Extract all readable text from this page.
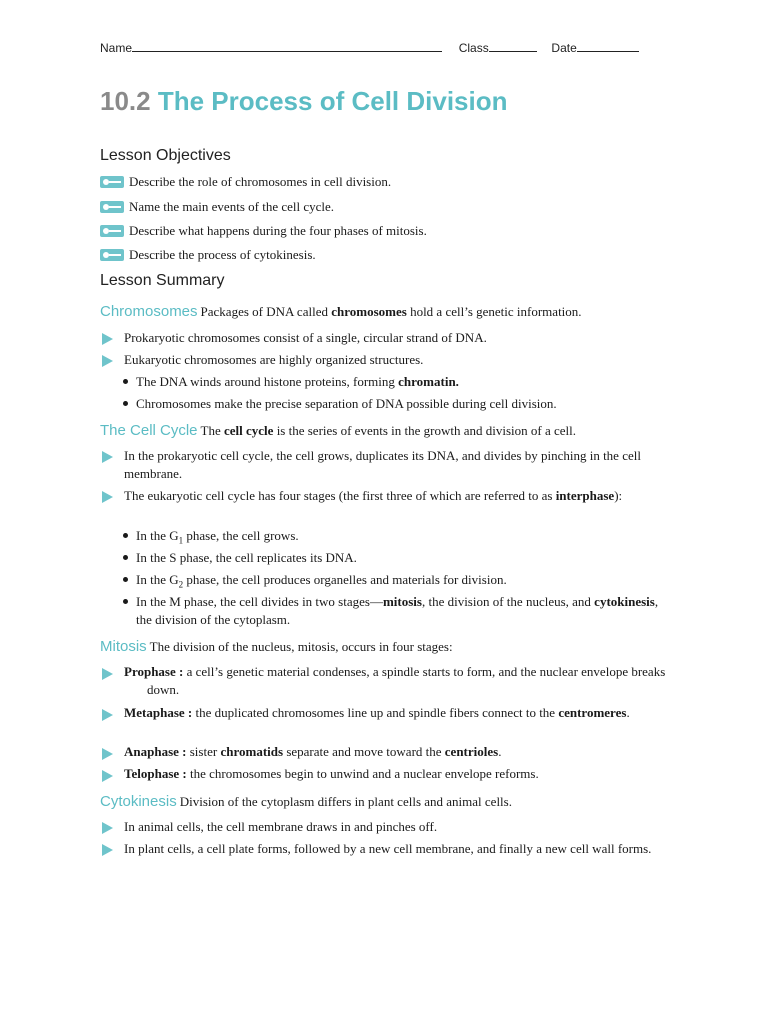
Name	Class	Date
10.2 The Process of Cell Division
Lesson Objectives
Describe the role of chromosomes in cell division.
Name the main events of the cell cycle.
Describe what happens during the four phases of mitosis.
Describe the process of cytokinesis.
Lesson Summary
Chromosomes Packages of DNA called chromosomes hold a cell’s genetic information.
Prokaryotic chromosomes consist of a single, circular strand of DNA.
Eukaryotic chromosomes are highly organized structures.
The DNA winds around histone proteins, forming chromatin.
Chromosomes make the precise separation of DNA possible during cell division.
The Cell Cycle The cell cycle is the series of events in the growth and division of a cell.
In the prokaryotic cell cycle, the cell grows, duplicates its DNA, and divides by pinching in the cell membrane.
The eukaryotic cell cycle has four stages (the first three of which are referred to as interphase):
In the $G_1$ phase, the cell grows.
In the S phase, the cell replicates its DNA.
In the $G_2$ phase, the cell produces organelles and materials for division.
In the M phase, the cell divides in two stages—mitosis, the division of the nucleus, and cytokinesis, the division of the cytoplasm.
Mitosis The division of the nucleus, mitosis, occurs in four stages:
Prophase : a cell’s genetic material condenses, a spindle starts to form, and the nuclear envelope breaks down.
Metaphase : the duplicated chromosomes line up and spindle fibers connect to the centromeres.
Anaphase : sister chromatids separate and move toward the centrioles.
Telophase : the chromosomes begin to unwind and a nuclear envelope reforms.
Cytokinesis Division of the cytoplasm differs in plant cells and animal cells.
In animal cells, the cell membrane draws in and pinches off.
In plant cells, a cell plate forms, followed by a new cell membrane, and finally a new cell wall forms.
